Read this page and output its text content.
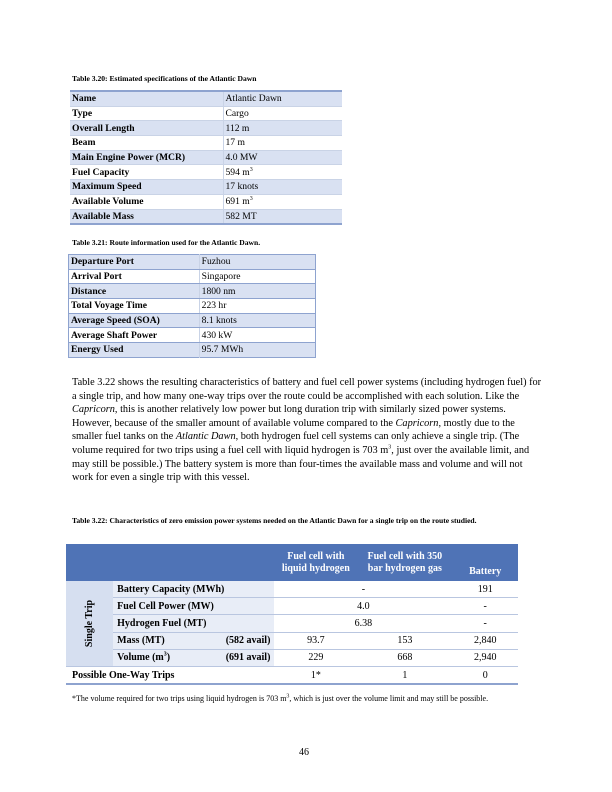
Table 3.20: Estimated specifications of the Atlantic Dawn
Name	Atlantic Dawn
Type	Cargo
Overall Length	112 m
Beam	17 m
Main Engine Power (MCR)	4.0 MW
Fuel Capacity	594 $m^3$
Maximum Speed	17 knots
Available Volume	691 $m^3$
Available Mass	582 MT
Table 3.21: Route information used for the Atlantic Dawn.
Departure Port	Fuzhou
Arrival Port	Singapore
Distance	1800 nm
Total Voyage Time	223 hr
Average Speed (SOA)	8.1 knots
Average Shaft Power	430 kW
Energy Used	95.7 MWh
Table 3.22 shows the resulting characteristics of battery and fuel cell power systems (including hydrogen fuel) for a single trip, and how many one-way trips over the route could be accomplished with each solution. Like the Capricorn, this is another relatively low power but long duration trip with similarly sized power systems. However, because of the smaller amount of available volume compared to the Capricorn, mostly due to the smaller fuel tanks on the Atlantic Dawn, both hydrogen fuel cell systems can only achieve a single trip. (The volume required for two trips using a fuel cell with liquid hydrogen is 703 $m^3$, just over the available limit, and may still be possible.) The battery system is more than four-times the available mass and volume and will not work for even a single trip with this vessel.
Table 3.22: Characteristics of zero emission power systems needed on the Atlantic Dawn for a single trip on the route studied.
			Fuel cell with liquid hydrogen	Fuel cell with 350 bar hydrogen gas	Battery
Single Trip	Battery Capacity (MWh)		-		191
	Fuel Cell Power (MW)		4.0		-
	Hydrogen Fuel (MT)		6.38		-
	Mass (MT)	(582 avail)	93.7	153	2,840
	Volume $(m^3)$	(691 avail)	229	668	2,940
Possible One-Way Trips			1*	1	0
*The volume required for two trips using liquid hydrogen is 703 $m^3$, which is just over the volume limit and may still be possible.
46
